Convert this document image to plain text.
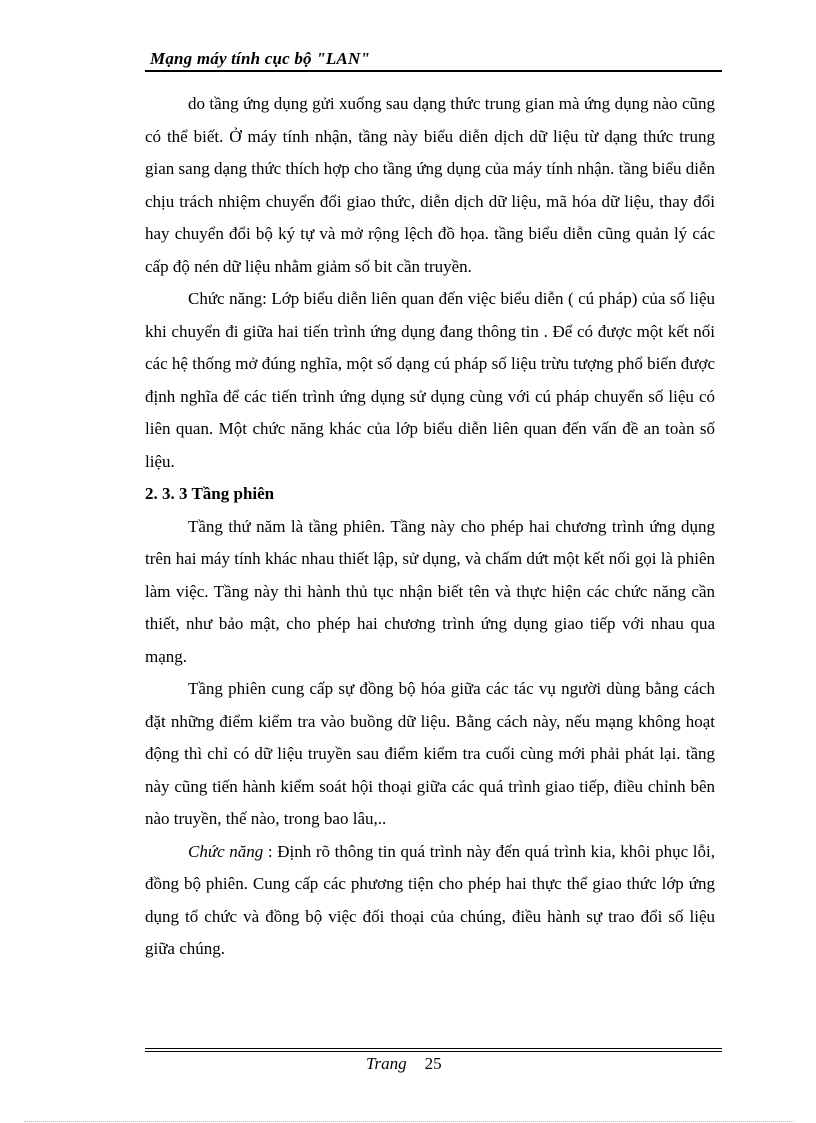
Mạng máy tính cục bộ "LAN"

do tầng ứng dụng gửi xuống sau dạng thức trung gian mà ứng dụng nào cũng có thể biết. Ở máy tính nhận, tầng này biểu diễn dịch dữ liệu từ dạng thức trung gian sang dạng thức thích hợp cho tầng ứng dụng của máy tính nhận. tầng biểu diễn chịu trách nhiệm chuyển đổi giao thức, diễn dịch dữ liệu, mã hóa dữ liệu, thay đổi hay chuyển đổi bộ ký tự và mở rộng lệch đồ họa. tầng biểu diễn cũng quản lý các cấp độ nén dữ liệu nhằm giảm số bit cần truyền.

Chức năng: Lớp biểu diễn liên quan đến việc biểu diễn ( cú pháp) của số liệu khi chuyển đi giữa hai tiến trình ứng dụng đang thông tin . Để có được một kết nối các hệ thống mở đúng nghĩa, một số dạng cú pháp số liệu trừu tượng phổ biến được định nghĩa để các tiến trình ứng dụng sử dụng cùng với cú pháp chuyển số liệu có liên quan. Một chức năng khác của lớp biểu diễn liên quan đến vấn đề an toàn số liệu.

2. 3. 3 Tầng phiên

Tầng thứ năm là tầng phiên. Tầng này cho phép hai chương trình ứng dụng trên hai máy tính khác nhau thiết lập, sử dụng, và chấm dứt một kết nối gọi là phiên làm việc. Tầng này thi hành thủ tục nhận biết tên và thực hiện các chức năng cần thiết, như bảo mật, cho phép hai chương trình ứng dụng giao tiếp với nhau qua mạng.

Tầng phiên cung cấp sự đồng bộ hóa giữa các tác vụ người dùng bằng cách đặt những điểm kiểm tra vào buồng dữ liệu. Bằng cách này, nếu mạng không hoạt động thì chỉ có dữ liệu truyền sau điểm kiểm tra cuối cùng mới phải phát lại. tầng này cũng tiến hành kiểm soát hội thoại giữa các quá trình giao tiếp, điều chỉnh bên nào truyền, thế nào, trong bao lâu,..

Chức năng : Định rõ thông tin quá trình này đến quá trình kia, khôi phục lỗi, đồng bộ phiên. Cung cấp các phương tiện cho phép hai thực thể giao thức lớp ứng dụng tổ chức và đồng bộ việc đối thoại của chúng, điều hành sự trao đổi số liệu giữa chúng.

Trang 25
